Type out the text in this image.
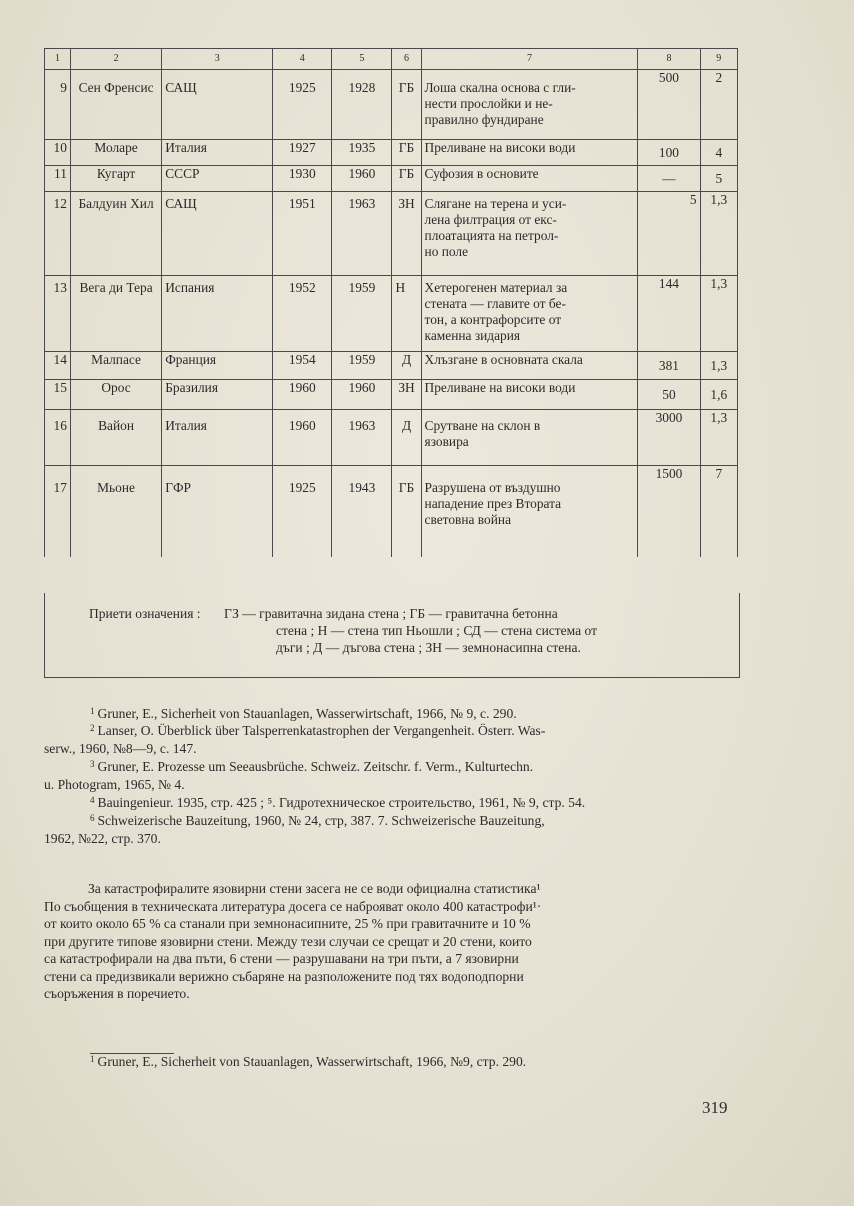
1	2	3	4	5	6	7	8	9
9	Сен Френсис	САЩ	1925	1928	ГБ	Лоша скална основа с гли-
нести прослойки и не-
правилно фундиране	500	2
10	Моларе	Италия	1927	1935	ГБ	Преливане на високи води	100	4
11	Кугарт	СССР	1930	1960	ГБ	Суфозия в основите	—	5
12	Балдуин Хил	САЩ	1951	1963	ЗН	Слягане на терена и уси-
лена филтрация от екс-
плоатацията на петрол-
но поле	5	1,3
13	Вега ди Тера	Испания	1952	1959	Н	Хетерогенен материал за
стената — главите от бе-
тон, а контрафорсите от
каменна зидария	144	1,3
14	Малпасе	Франция	1954	1959	Д	Хлъзгане в основната скала	381	1,3
15	Орос	Бразилия	1960	1960	ЗН	Преливане на високи води	50	1,6
16	Вайон	Италия	1960	1963	Д	Срутване на склон в
язовира	3000	1,3
17	Мьоне	ГФР	1925	1943	ГБ	Разрушена от въздушно
нападение през Втората
световна война	1500	7
Приети означения : ГЗ — гравитачна зидана стена ; ГБ — гравитачна бетонна
стена ; Н — стена тип Ньошли ; СД — стена система от
дъги ; Д — дъгова стена ; ЗН — земнонасипна стена.
$^1$ Gruner, E., Sicherheit von Stauanlagen, Wasserwirtschaft, 1966, № 9, с. 290.
$^2$ Lanser, O. Überblick über Talsperrenkatastrophen der Vergangenheit. Österr. Was-
serw., 1960, №8—9, с. 147.
$^3$ Gruner, E. Prozesse um Seeausbrüche. Schweiz. Zeitschr. f. Verm., Kulturtechn.
u. Photogram, 1965, № 4.
$^4$ Bauingenieur. 1935, стр. 425 ; ⁵. Гидротехническое строительство, 1961, № 9, стр. 54.
$^6$ Schweizerische Bauzeitung, 1960, № 24, стр, 387. 7. Schweizerische Bauzeitung,
1962, №22, стр. 370.
За катастрофиралите язовирни стени засега не се води официална статистика¹
По съобщения в техническата литература досега се наброяват около 400 катастрофи¹·
от които около 65 % са станали при земнонасипните, 25 % при гравитачните и 10 %
при другите типове язовирни стени. Между тези случаи се срещат и 20 стени, които
са катастрофирали на два пъти, 6 стени — разрушавани на три пъти, а 7 язовирни
стени са предизвикали верижно събаряне на разположените под тях водоподпорни
съоръжения в поречието.
$^1$ Gruner, E., Sicherheit von Stauanlagen, Wasserwirtschaft, 1966, №9, стр. 290.
319
